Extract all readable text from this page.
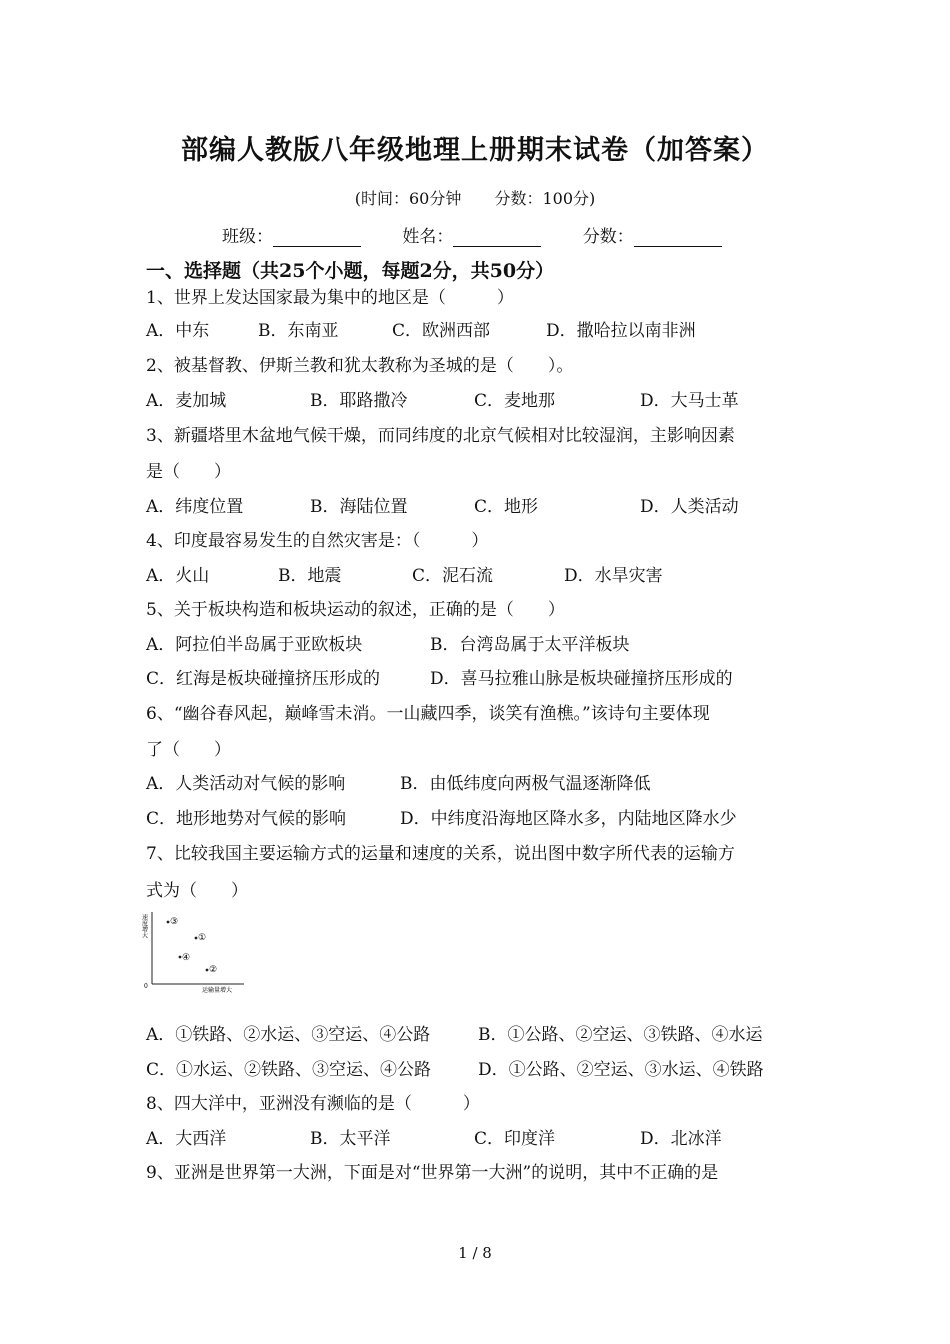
部编人教版八年级地理上册期末试卷（加答案）
(时间：60分钟 分数：100分)
班级：	姓名：	分数：
一、选择题（共25个小题，每题2分，共50分）
1、世界上发达国家最为集中的地区是（　　　）
A．中东	B．东南亚	C．欧洲西部	D．撒哈拉以南非洲
2、被基督教、伊斯兰教和犹太教称为圣城的是（　　）。
A．麦加城	B．耶路撒冷	C．麦地那	D．大马士革
3、新疆塔里木盆地气候干燥，而同纬度的北京气候相对比较湿润，主影响因素
是（　　）
A．纬度位置	B．海陆位置	C．地形	D．人类活动
4、印度最容易发生的自然灾害是：（　　　）
A．火山	B．地震	C．泥石流	D．水旱灾害
5、关于板块构造和板块运动的叙述，正确的是（　　）
A．阿拉伯半岛属于亚欧板块	B．台湾岛属于太平洋板块
C．红海是板块碰撞挤压形成的	D．喜马拉雅山脉是板块碰撞挤压形成的
6、“幽谷春风起，巅峰雪未消。一山藏四季，谈笑有渔樵。”该诗句主要体现
了（　　）
A．人类活动对气候的影响	B．由低纬度向两极气温逐渐降低
C．地形地势对气候的影响	D．中纬度沿海地区降水多，内陆地区降水少
7、比较我国主要运输方式的运量和速度的关系，说出图中数字所代表的运输方
式为（　　）
0
速度增大
运输量增大
③
①
④
②
A．①铁路、②水运、③空运、④公路	B．①公路、②空运、③铁路、④水运
C．①水运、②铁路、③空运、④公路	D．①公路、②空运、③水运、④铁路
8、四大洋中，亚洲没有濒临的是（　　　）
A．大西洋	B．太平洋	C．印度洋	D．北冰洋
9、亚洲是世界第一大洲，下面是对“世界第一大洲”的说明，其中不正确的是
1 / 8
